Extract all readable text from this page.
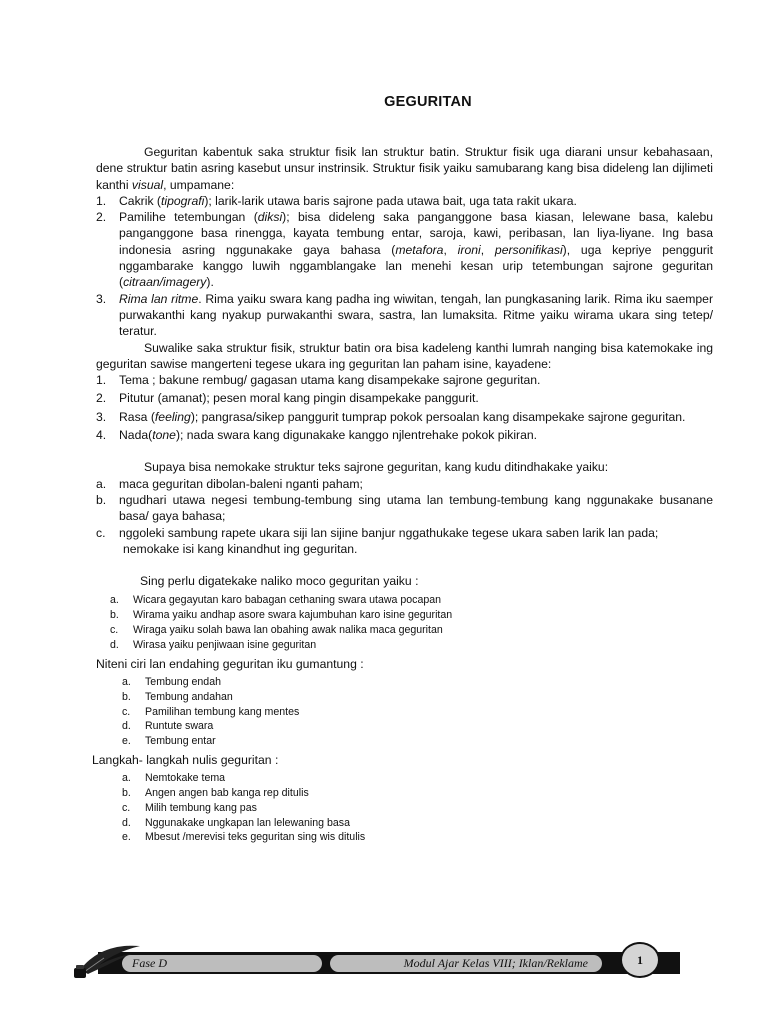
GEGURITAN

Geguritan kabentuk saka struktur fisik lan struktur batin. Struktur fisik uga diarani unsur kebahasaan, dene struktur batin asring kasebut unsur instrinsik. Struktur fisik yaiku samubarang kang bisa dideleng lan dijlimeti kanthi visual, umpamane:

1. Cakrik (tipografi); larik-larik utawa baris sajrone pada utawa bait, uga tata rakit ukara.
2. Pamilihe tetembungan (diksi); bisa dideleng saka panganggone basa kiasan, lelewane basa, kalebu panganggone basa rinengga, kayata tembung entar, saroja, kawi, peribasan, lan liya-liyane. Ing basa indonesia asring nggunakake gaya bahasa (metafora, ironi, personifikasi), uga kepriye penggurit nggambarake kanggo luwih nggamblangake lan menehi kesan urip tetembungan sajrone geguritan (citraan/imagery).
3. Rima lan ritme. Rima yaiku swara kang padha ing wiwitan, tengah, lan pungkasaning larik. Rima iku saemper purwakanthi kang nyakup purwakanthi swara, sastra, lan lumaksita. Ritme yaiku wirama ukara sing tetep/ teratur.

Suwalike saka struktur fisik, struktur batin ora bisa kadeleng kanthi lumrah nanging bisa katemokake ing geguritan sawise mangerteni tegese ukara ing geguritan lan paham isine, kayadene:

1. Tema ; bakune rembug/ gagasan utama kang disampekake sajrone geguritan.
2. Pitutur (amanat); pesen moral kang pingin disampekake panggurit.
3. Rasa (feeling); pangrasa/sikep panggurit tumprap pokok persoalan kang disampekake sajrone geguritan.
4. Nada(tone); nada swara kang digunakake kanggo njlentrehake pokok pikiran.

Supaya bisa nemokake struktur teks sajrone geguritan, kang kudu ditindhakake yaiku:

a. maca geguritan dibolan-baleni nganti paham;
b. ngudhari utawa negesi tembung-tembung sing utama lan tembung-tembung kang nggunakake busanane basa/ gaya bahasa;
c. nggoleki sambung rapete ukara siji lan sijine banjur nggathukake tegese ukara saben larik lan pada;
nemokake isi kang kinandhut ing geguritan.

Sing perlu digatekake naliko moco geguritan yaiku :

a. Wicara gegayutan karo babagan cethaning swara utawa pocapan
b. Wirama yaiku andhap asore swara kajumbuhan karo isine geguritan
c. Wiraga yaiku solah bawa lan obahing awak nalika maca geguritan
d. Wirasa yaiku penjiwaan isine geguritan

Niteni ciri lan endahing geguritan iku gumantung :

a. Tembung endah
b. Tembung andahan
c. Pamilihan tembung kang mentes
d. Runtute swara
e. Tembung entar

Langkah- langkah nulis geguritan :

a. Nemtokake tema
b. Angen angen bab kanga rep ditulis
c. Milih tembung kang pas
d. Nggunakake ungkapan lan lelewaning basa
e. Mbesut /merevisi teks geguritan sing wis ditulis
Fase D	Modul Ajar Kelas VIII; Iklan/Reklame	1
